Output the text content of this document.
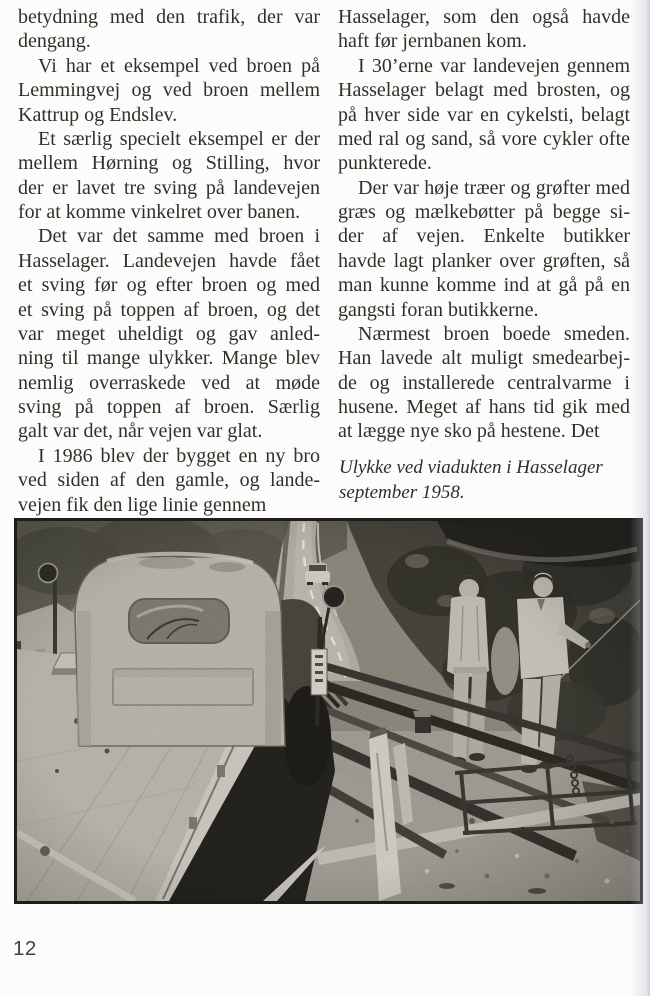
betydning med den trafik, der var
dengang.
Vi har et eksempel ved broen på
Lemmingvej og ved broen mellem
Kattrup og Endslev.
Et særlig specielt eksempel er der
mellem Hørning og Stilling, hvor
der er lavet tre sving på landevejen
for at komme vinkelret over banen.
Det var det samme med broen i
Hasselager. Landevejen havde fået
et sving før og efter broen og med
et sving på toppen af broen, og det
var meget uheldigt og gav anled-
ning til mange ulykker. Mange blev
nemlig overraskede ved at møde
sving på toppen af broen. Særlig
galt var det, når vejen var glat.
I 1986 blev der bygget en ny bro
ved siden af den gamle, og lande-
vejen fik den lige linie gennem
Hasselager, som den også havde
haft før jernbanen kom.
I 30’erne var landevejen gennem
Hasselager belagt med brosten, og
på hver side var en cykelsti, belagt
med ral og sand, så vore cykler ofte
punkterede.
Der var høje træer og grøfter med
græs og mælkebøtter på begge si-
der af vejen. Enkelte butikker
havde lagt planker over grøften, så
man kunne komme ind at gå på en
gangsti foran butikkerne.
Nærmest broen boede smeden.
Han lavede alt muligt smedearbej-
de og installerede centralvarme i
husene. Meget af hans tid gik med
at lægge nye sko på hestene. Det

Ulykke ved viadukten i Hasselager
september 1958.

12
